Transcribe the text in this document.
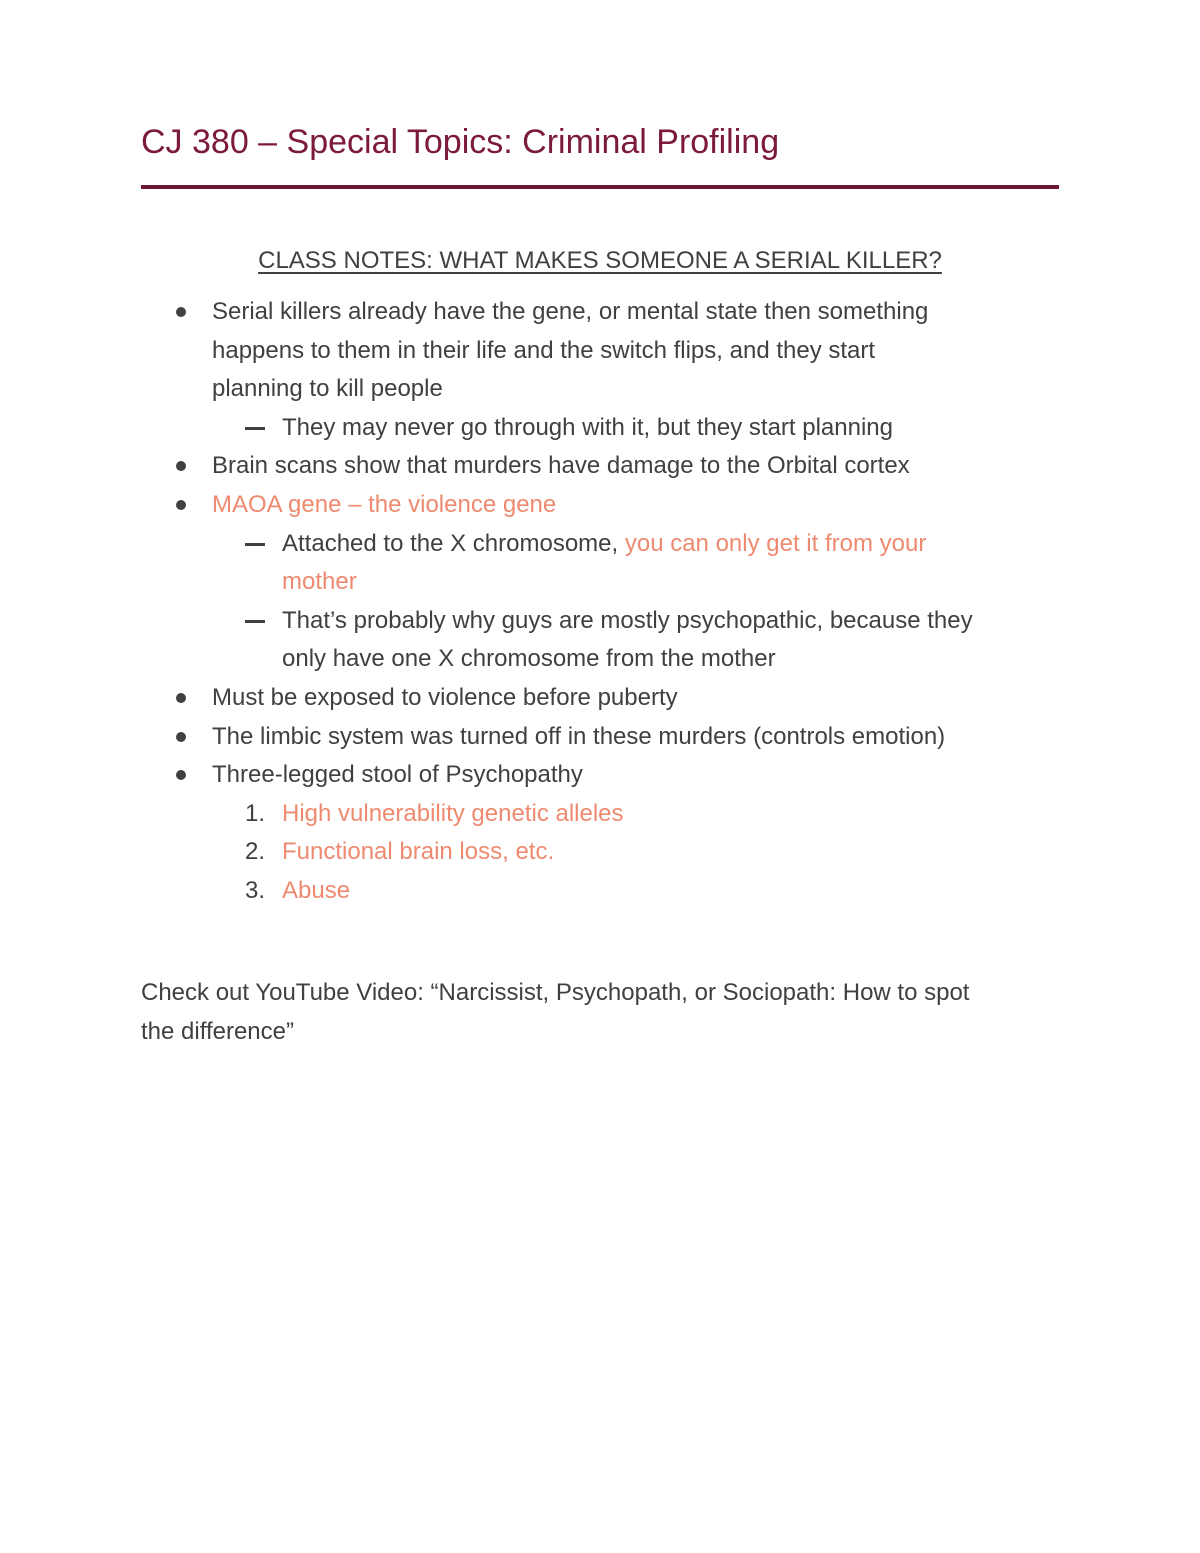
CJ 380 – Special Topics: Criminal Profiling
CLASS NOTES: WHAT MAKES SOMEONE A SERIAL KILLER?
Serial killers already have the gene, or mental state then something
happens to them in their life and the switch flips, and they start
planning to kill people
They may never go through with it, but they start planning
Brain scans show that murders have damage to the Orbital cortex
MAOA gene – the violence gene
Attached to the X chromosome, you can only get it from your
mother
That’s probably why guys are mostly psychopathic, because they
only have one X chromosome from the mother
Must be exposed to violence before puberty
The limbic system was turned off in these murders (controls emotion)
Three-legged stool of Psychopathy
1. High vulnerability genetic alleles
2. Functional brain loss, etc.
3. Abuse
Check out YouTube Video: “Narcissist, Psychopath, or Sociopath: How to spot
the difference”
